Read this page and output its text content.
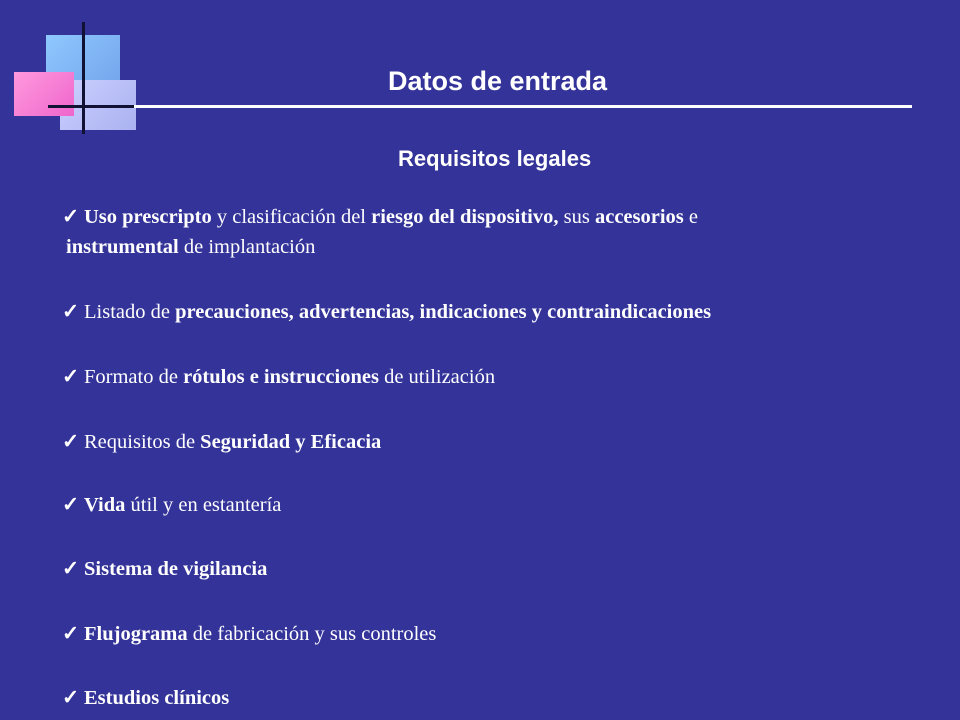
Datos de entrada
Requisitos legales
✓ Uso prescripto y clasificación del riesgo del dispositivo, sus accesorios e
instrumental de implantación
✓ Listado de precauciones, advertencias, indicaciones y contraindicaciones
✓ Formato de rótulos e instrucciones de utilización
✓ Requisitos de Seguridad y Eficacia
✓ Vida útil y en estantería
✓ Sistema de vigilancia
✓ Flujograma de fabricación y sus controles
✓ Estudios clínicos
